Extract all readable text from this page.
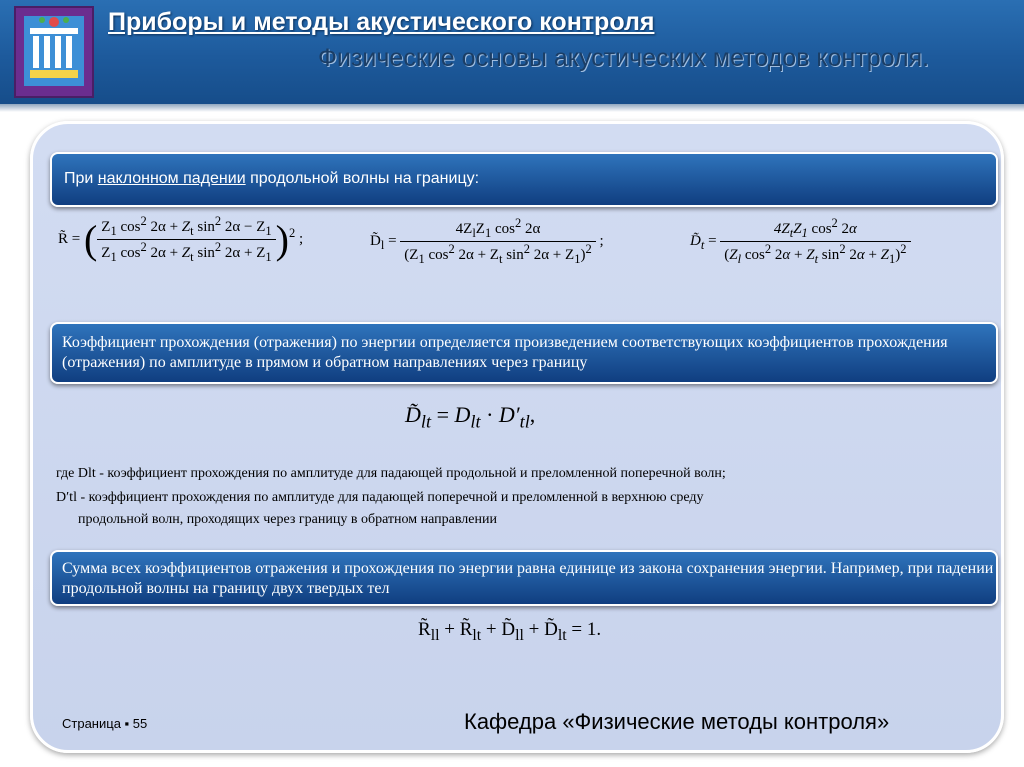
Приборы и методы акустического контроля
Физические основы акустических методов контроля.
При наклонном падении продольной волны на границу:
R̃ = ( $\frac{Z_1 \cos^2 2\alpha + Z_t \sin^2 2\alpha - Z_1}{Z_1 \cos^2 2\alpha + Z_t \sin^2 2\alpha + Z_1} )^2$ ;	$D̃_l = \frac{4Z_lZ_1 \cos^2 2\alpha}{(Z_1 \cos^2 2\alpha + Z_t \sin^2 2\alpha + Z_1)^2}$ ;	$D̃_t = \frac{4Z_tZ_1 \cos^2 2\alpha}{(Z_l \cos^2 2\alpha + Z_t \sin^2 2\alpha + Z_1)^2}$
Коэффициент прохождения (отражения) по энергии определяется произведением соответствующих коэффициентов прохождения (отражения) по амплитуде в прямом и обратном направлениях через границу
$D̃_{lt} = D_{lt} \cdot D'_{tl}$,
где Dlt - коэффициент прохождения по амплитуде для падающей продольной и преломленной поперечной волн;
D′tl - коэффициент прохождения по амплитуде для падающей поперечной и преломленной в верхнюю среду
продольной волн, проходящих через границу в обратном направлении
Сумма всех коэффициентов отражения и прохождения по энергии равна единице из закона сохранения энергии. Например, при падении продольной волны на границу двух твердых тел
$R̃_{ll}$ + $R̃_{lt}$ + $D̃_{ll}$ + $D̃_{lt} = 1$.
Страница ▪ 55	Кафедра «Физические методы контроля»
